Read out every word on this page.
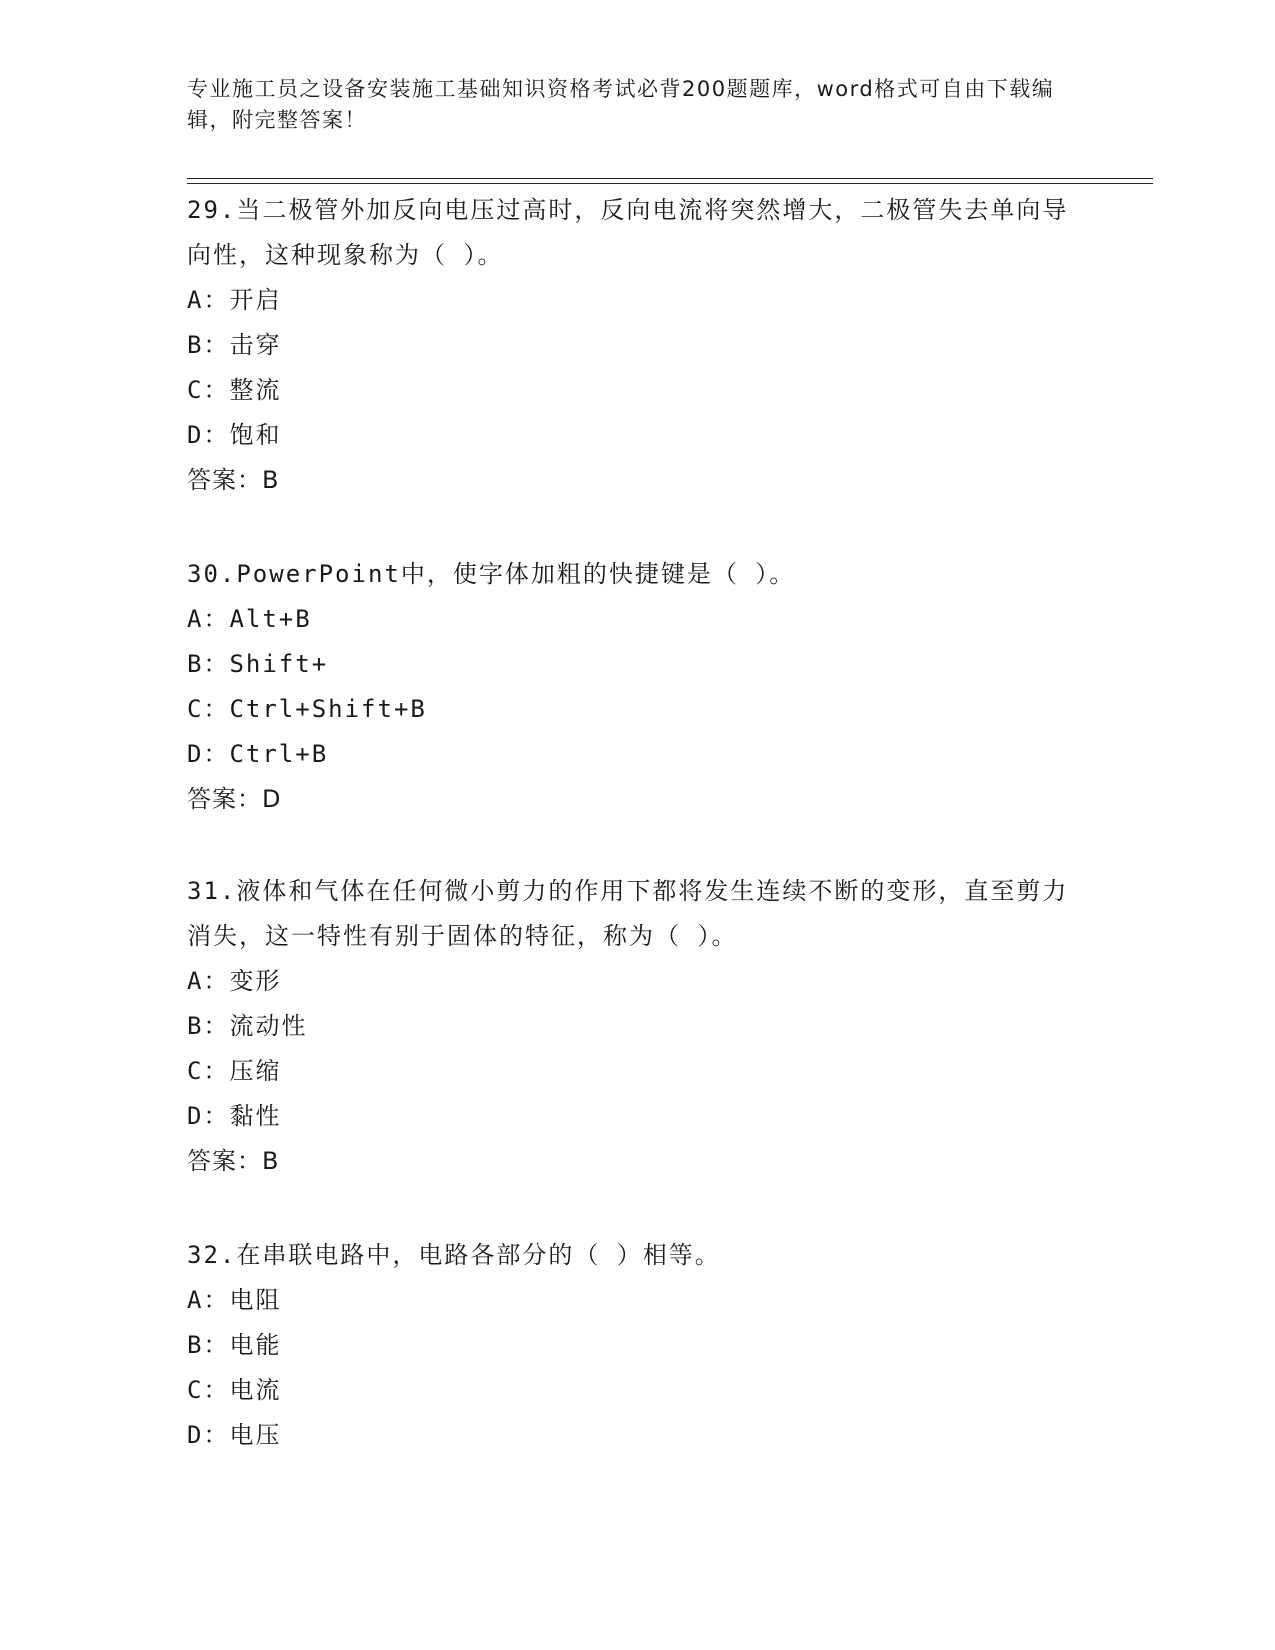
专业施工员之设备安装施工基础知识资格考试必背200题题库，word格式可自由下载编辑，附完整答案！

29.当二极管外加反向电压过高时，反向电流将突然增大，二极管失去单向导向性，这种现象称为（ ）。

A：开启

B：击穿

C：整流

D：饱和

答案：B

30.PowerPoint中，使字体加粗的快捷键是（ ）。

A：Alt+B

B：Shift+

C：Ctrl+Shift+B

D：Ctrl+B

答案：D

31.液体和气体在任何微小剪力的作用下都将发生连续不断的变形，直至剪力消失，这一特性有别于固体的特征，称为（ ）。

A：变形

B：流动性

C：压缩

D：黏性

答案：B

32.在串联电路中，电路各部分的（ ）相等。

A：电阻

B：电能

C：电流

D：电压
